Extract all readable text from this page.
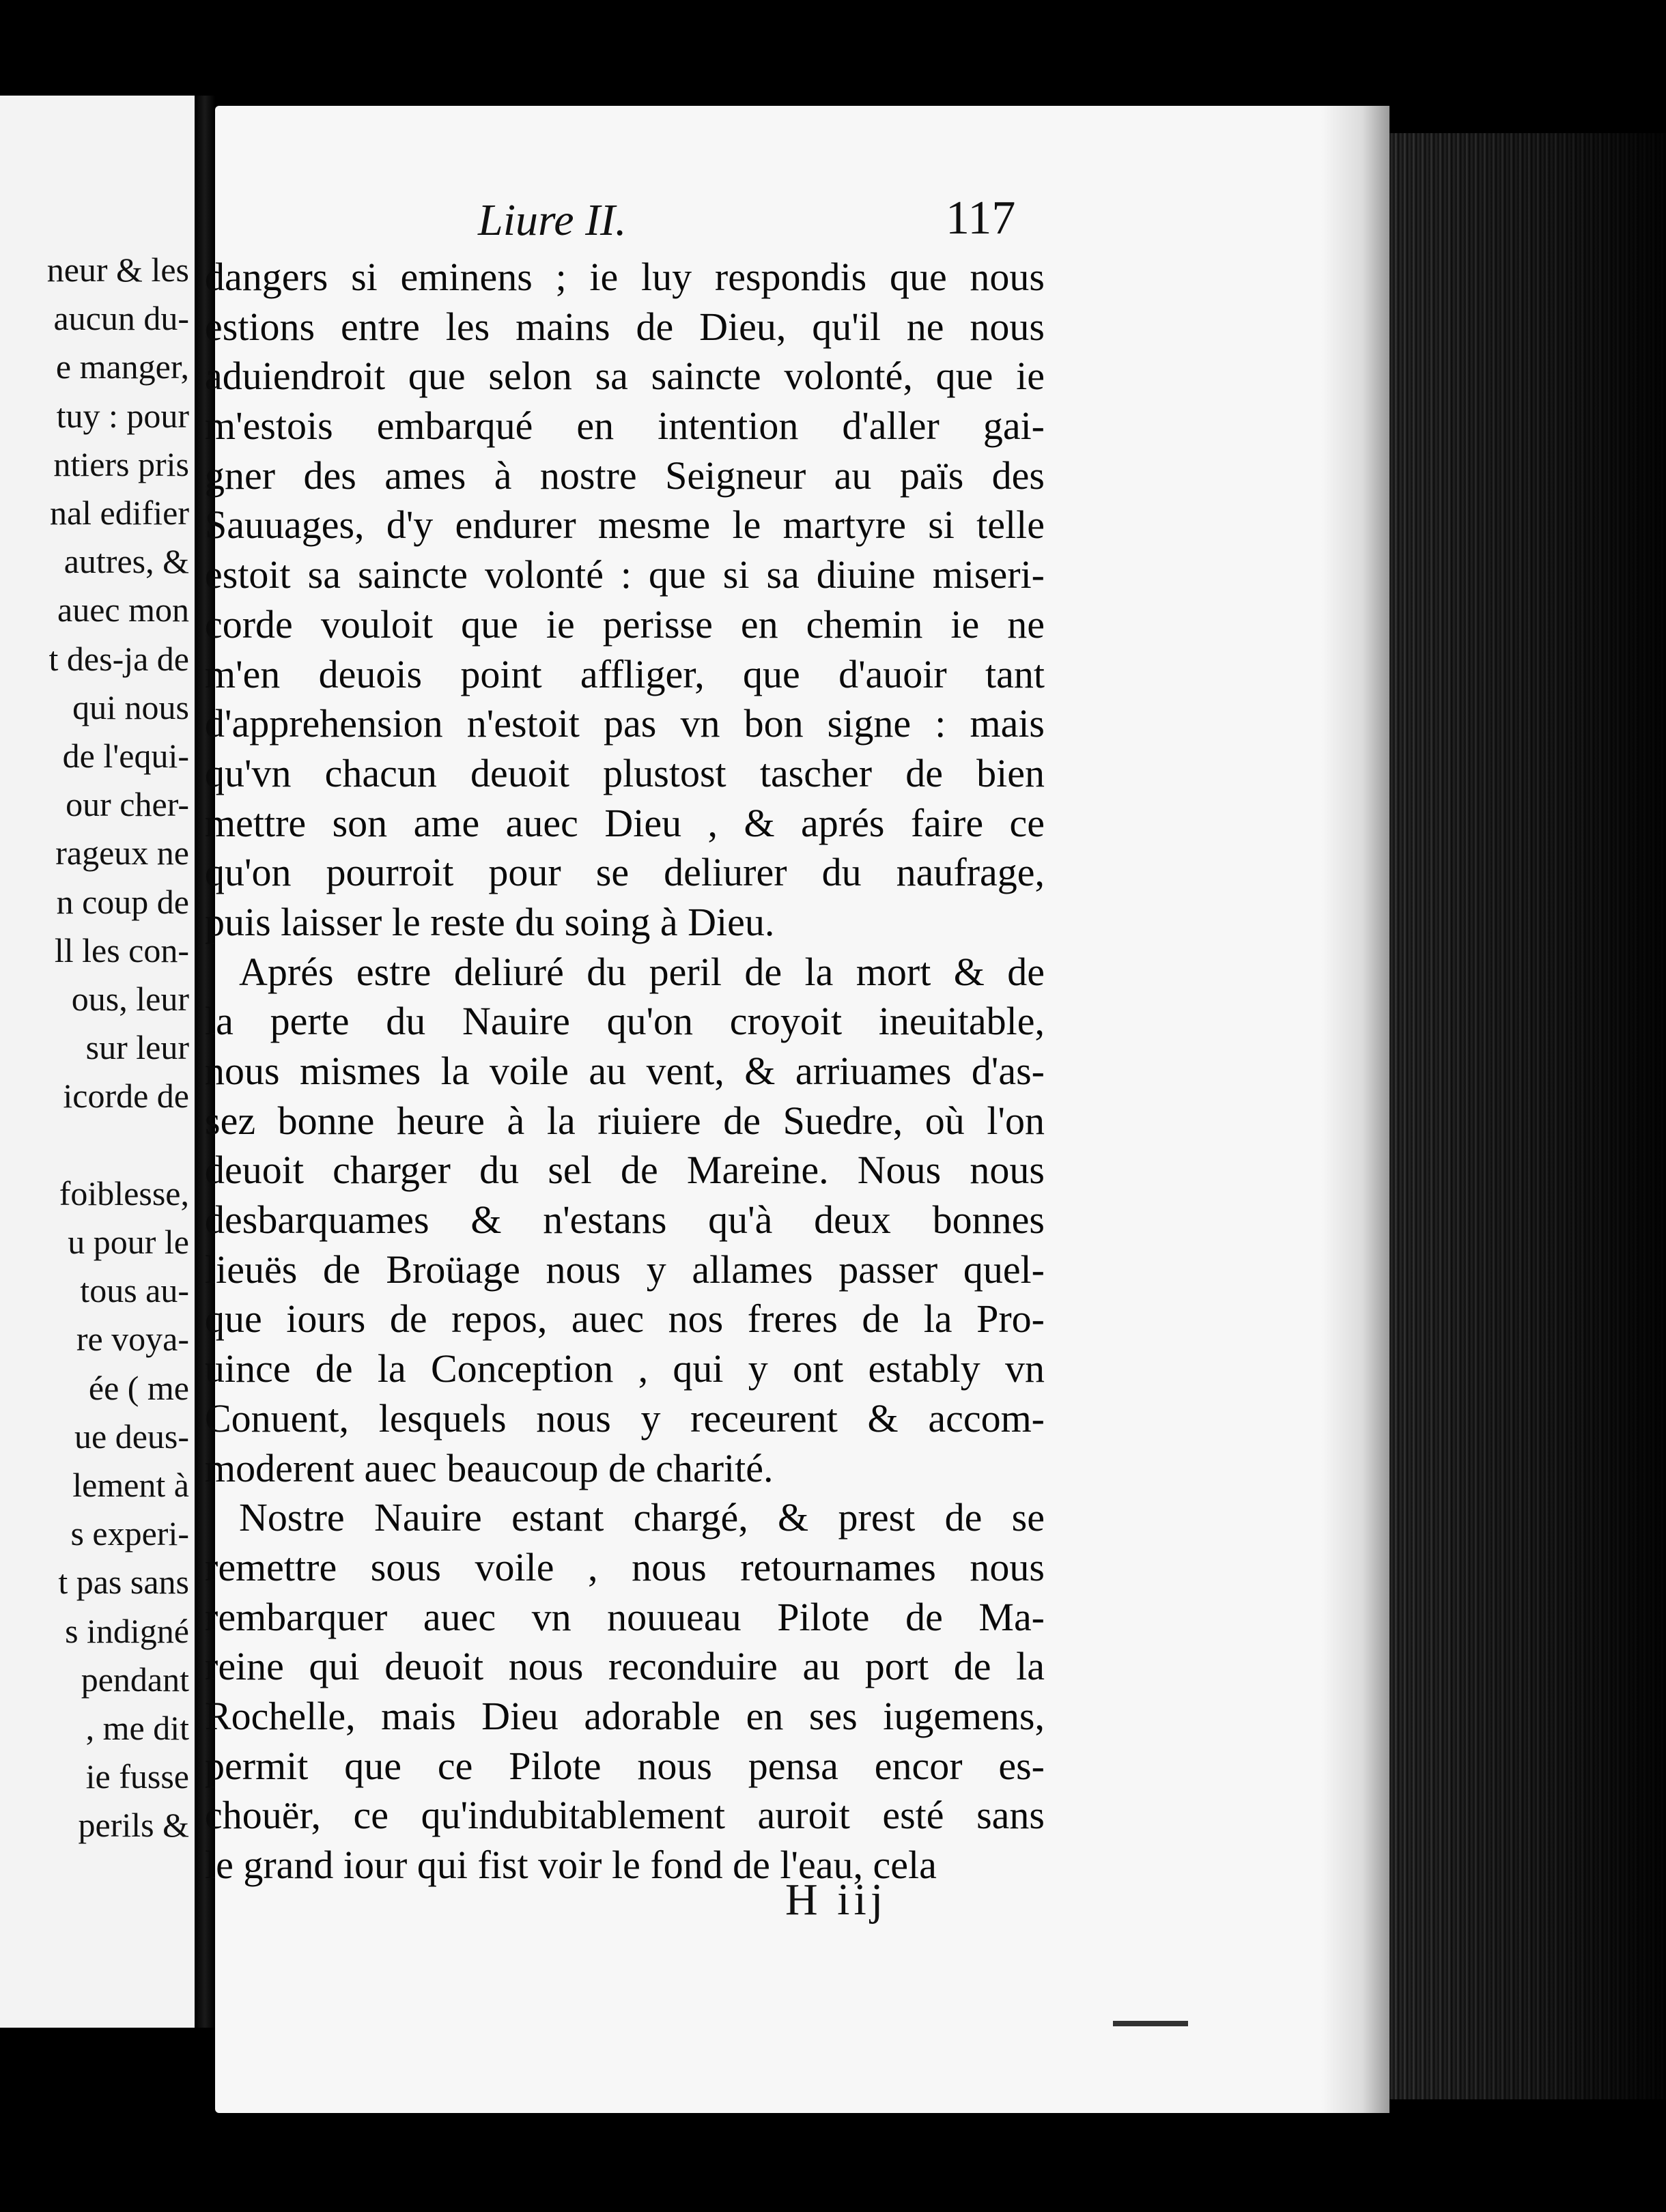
neur & les
aucun du-
e manger,
tuy : pour
ntiers pris
nal edifier
autres, &
auec mon
t des-ja de
qui nous
de l'equi-
our cher-
rageux ne
n coup de
ll les con-
ous, leur
sur leur
icorde de
foiblesse,
u pour le
tous au-
re voya-
ée ( me
ue deus-
lement à
s experi-
t pas sans
s indigné
pendant
, me dit
ie fusse
perils &
Liure II.	117
dangers si eminens ; ie luy respondis que nous
estions entre les mains de Dieu, qu'il ne nous
aduiendroit que selon sa saincte volonté, que ie
m'estois embarqué en intention d'aller gai-
gner des ames à nostre Seigneur au païs des
Sauuages, d'y endurer mesme le martyre si telle
estoit sa saincte volonté : que si sa diuine miseri-
corde vouloit que ie perisse en chemin ie ne
m'en deuois point affliger, que d'auoir tant
d'apprehension n'estoit pas vn bon signe : mais
qu'vn chacun deuoit plustost tascher de bien
mettre son ame auec Dieu , & aprés faire ce
qu'on pourroit pour se deliurer du naufrage,
puis laisser le reste du soing à Dieu.
Aprés estre deliuré du peril de la mort & de
la perte du Nauire qu'on croyoit ineuitable,
nous mismes la voile au vent, & arriuames d'as-
sez bonne heure à la riuiere de Suedre, où l'on
deuoit charger du sel de Mareine. Nous nous
desbarquames & n'estans qu'à deux bonnes
lieuës de Broüage nous y allames passer quel-
que iours de repos, auec nos freres de la Pro-
uince de la Conception , qui y ont estably vn
Conuent, lesquels nous y receurent & accom-
moderent auec beaucoup de charité.
Nostre Nauire estant chargé, & prest de se
remettre sous voile , nous retournames nous
rembarquer auec vn nouueau Pilote de Ma-
reine qui deuoit nous reconduire au port de la
Rochelle, mais Dieu adorable en ses iugemens,
permit que ce Pilote nous pensa encor es-
chouër, ce qu'indubitablement auroit esté sans
le grand iour qui fist voir le fond de l'eau, cela
H iij
